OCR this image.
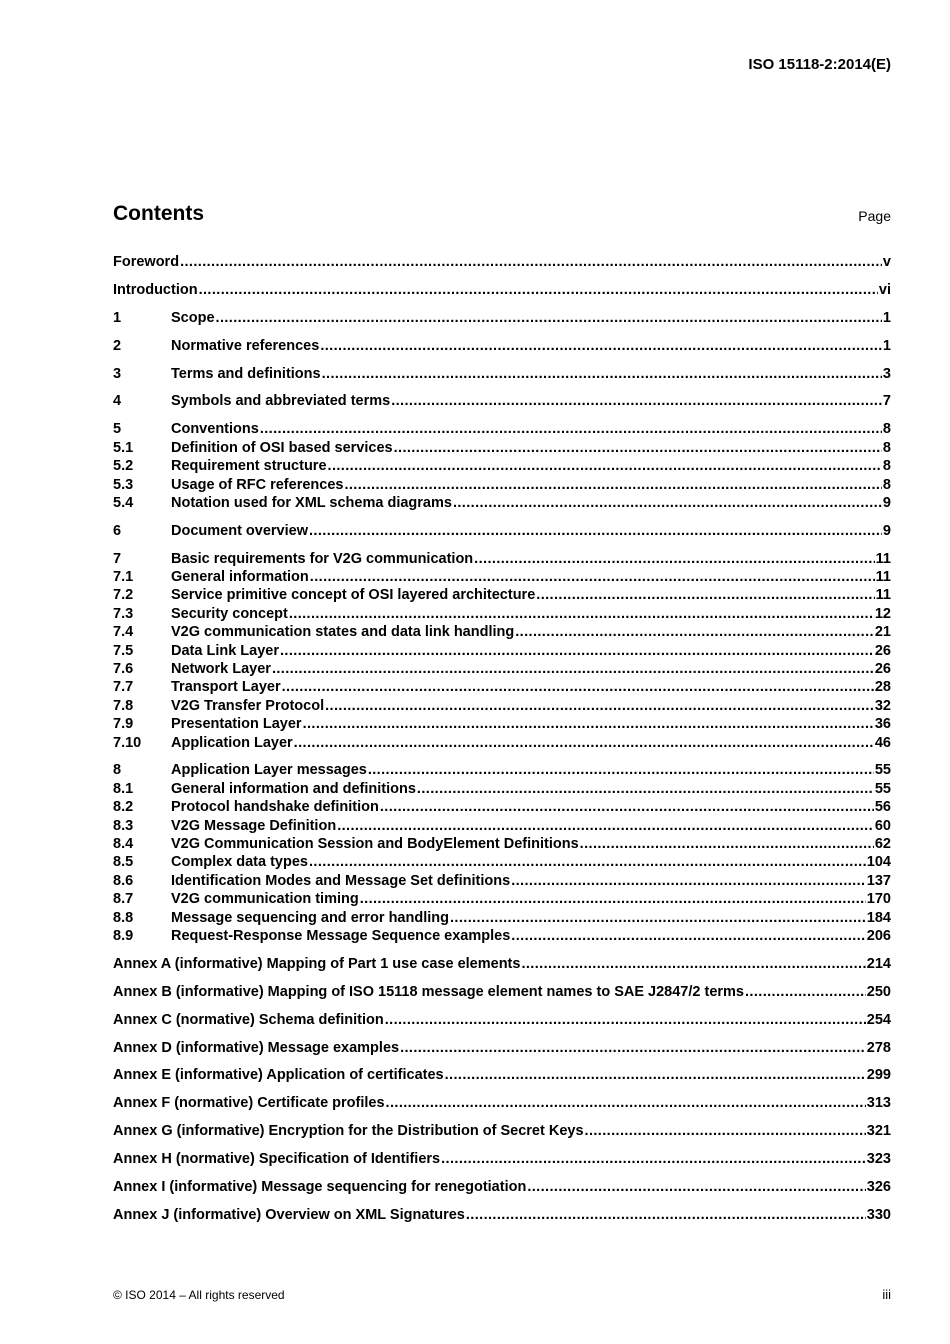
ISO 15118-2:2014(E)
Contents	Page
Foreword .....	v
Introduction .....	vi
1	Scope .....	1
2	Normative references .....	1
3	Terms and definitions .....	3
4	Symbols and abbreviated terms .....	7
5	Conventions .....	8
5.1	Definition of OSI based services .....	8
5.2	Requirement structure .....	8
5.3	Usage of RFC references .....	8
5.4	Notation used for XML schema diagrams .....	9
6	Document overview .....	9
7	Basic requirements for V2G communication .....	11
7.1	General information .....	11
7.2	Service primitive concept of OSI layered architecture .....	11
7.3	Security concept .....	12
7.4	V2G communication states and data link handling .....	21
7.5	Data Link Layer .....	26
7.6	Network Layer .....	26
7.7	Transport Layer .....	28
7.8	V2G Transfer Protocol .....	32
7.9	Presentation Layer .....	36
7.10	Application Layer .....	46
8	Application Layer messages .....	55
8.1	General information and definitions .....	55
8.2	Protocol handshake definition .....	56
8.3	V2G Message Definition .....	60
8.4	V2G Communication Session and BodyElement Definitions .....	62
8.5	Complex data types .....	104
8.6	Identification Modes and Message Set definitions .....	137
8.7	V2G communication timing .....	170
8.8	Message sequencing and error handling .....	184
8.9	Request-Response Message Sequence examples .....	206
Annex A (informative) Mapping of Part 1 use case elements .....	214
Annex B (informative) Mapping of ISO 15118 message element names to SAE J2847/2 terms .....	250
Annex C (normative) Schema definition .....	254
Annex D (informative) Message examples .....	278
Annex E (informative) Application of certificates .....	299
Annex F (normative) Certificate profiles .....	313
Annex G (informative) Encryption for the Distribution of Secret Keys .....	321
Annex H (normative) Specification of Identifiers .....	323
Annex I (informative) Message sequencing for renegotiation .....	326
Annex J (informative) Overview on XML Signatures .....	330
© ISO 2014 – All rights reserved	iii
